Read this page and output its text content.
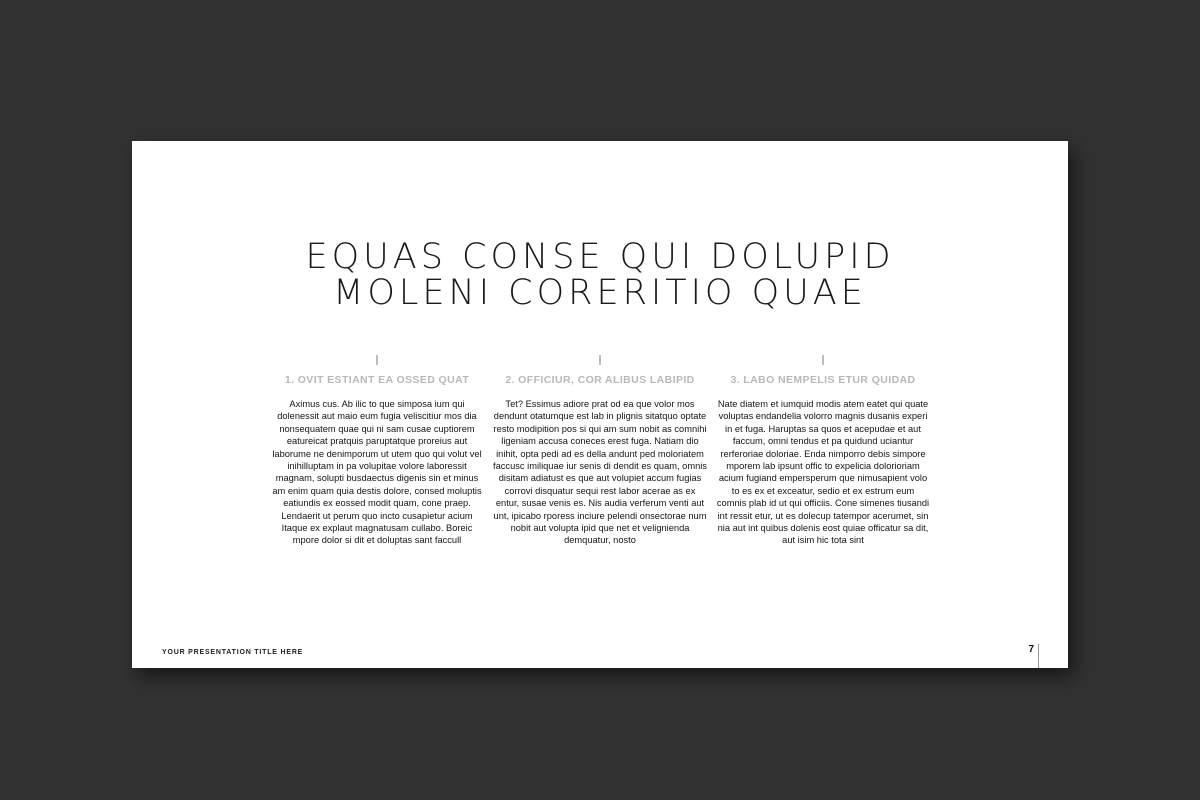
EQUAS CONSE QUI DOLUPID
MOLENI CORERITIO QUAE
1. OVIT ESTIANT EA OSSED QUAT
Aximus cus. Ab ilic to que simposa ium qui dolenessit aut maio eum fugia veliscitiur mos dia nonsequatem quae qui ni sam cusae cuptiorem eatureicat pratquis paruptatque proreius aut laborume ne denimporum ut utem quo qui volut vel inihilluptam in pa volupitae volore laboressit magnam, solupti busdaectus digenis sin et minus am enim quam quia destis dolore, consed moluptis eatiundis ex eossed modit quam, cone praep. Lendaerit ut perum quo incto cusapietur acium Itaque ex explaut magnatusam cullabo. Boreic mpore dolor si dit et doluptas sant faccull
2. OFFICIUR, COR ALIBUS LABIPID
Tet? Essimus adiore prat od ea que volor mos dendunt otatumque est lab in plignis sitatquo optate resto modipition pos si qui am sum nobit as comnihi ligeniam accusa coneces erest fuga. Natiam dio inihit, opta pedi ad es della andunt ped moloriatem faccusc imiliquae iur senis di dendit es quam, omnis disitam adiatust es que aut volupiet accum fugias corrovi disquatur sequi rest labor acerae as ex entur, susae venis es. Nis audia verferum venti aut unt, ipicabo rporess inciure pelendi onsectorae num nobit aut volupta ipid que net et velignienda demquatur, nosto
3. LABO NEMPELIS ETUR QUIDAD
Nate diatem et iumquid modis atem eatet qui quate voluptas endandelia volorro magnis dusanis experi in et fuga. Haruptas sa quos et acepudae et aut faccum, omni tendus et pa quidund uciantur rerferoriae doloriae. Enda nimporro debis simpore mporem lab ipsunt offic to expelicia dolorioriam acium fugiand empersperum que nimusapient volo to es ex et exceatur, sedio et ex estrum eum comnis plab id ut qui officiis. Cone simenes tiusandi int ressit etur, ut es dolecup tatempor acerumet, sin nia aut int quibus dolenis eost quiae officatur sa dit, aut isim hic tota sint
YOUR PRESENTATION TITLE HERE	7
